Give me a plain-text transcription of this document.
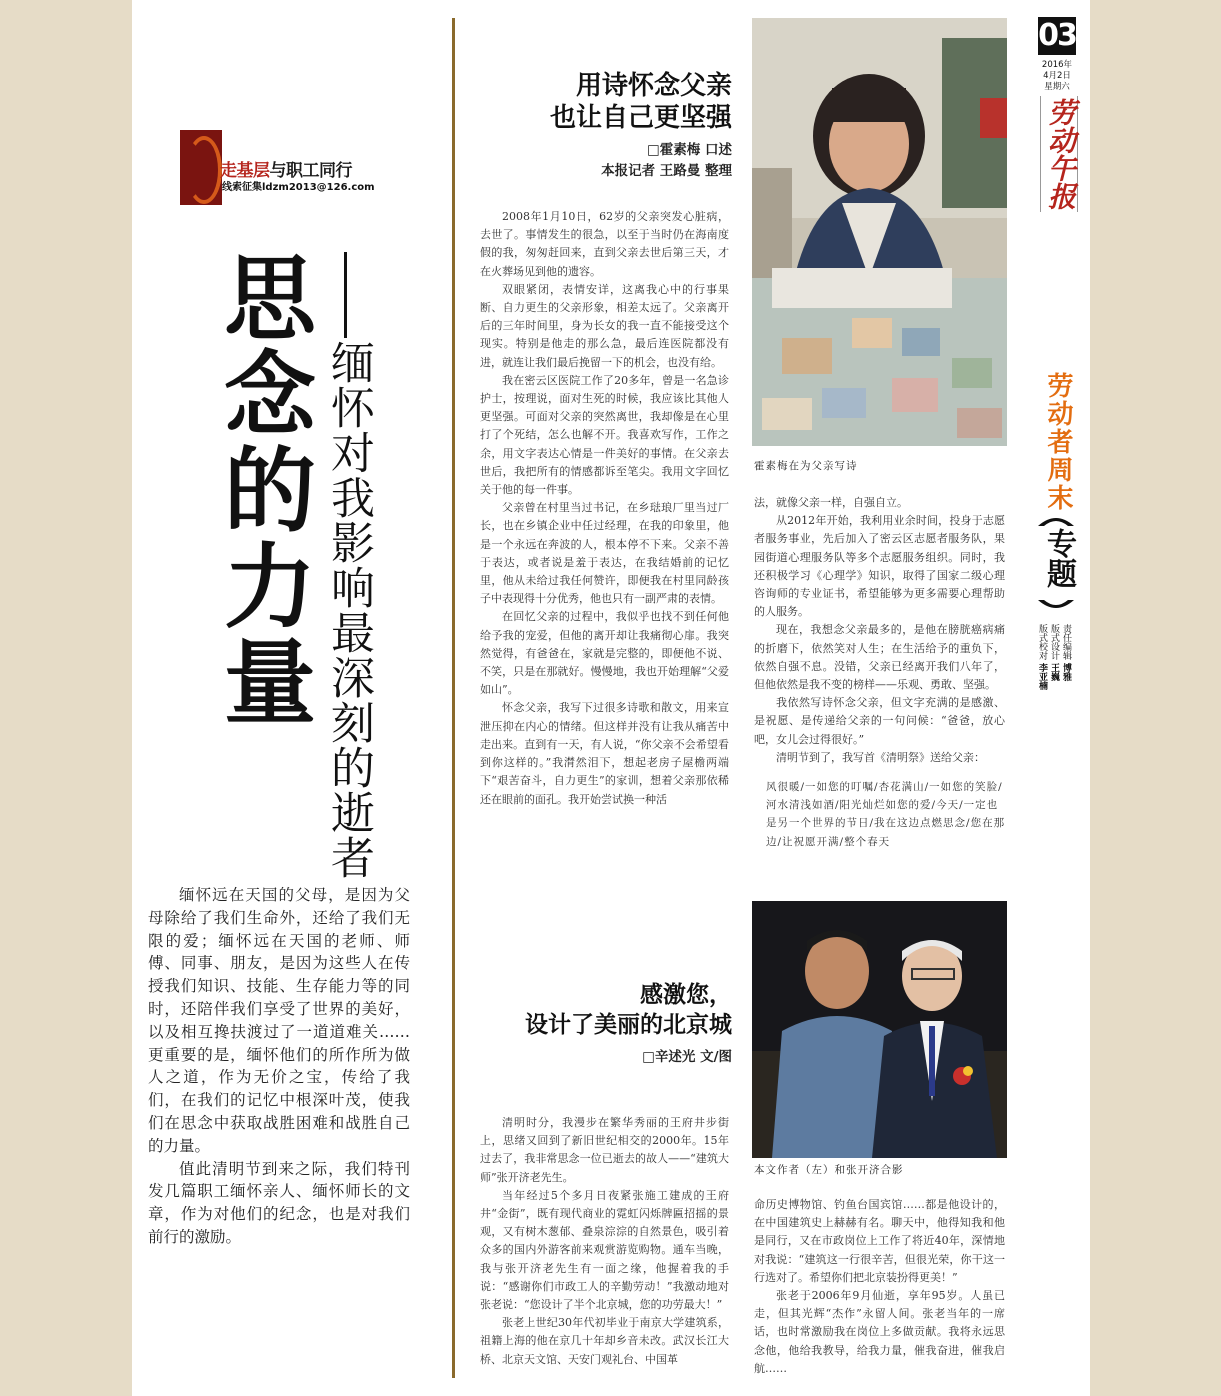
走基层与职工同行
线索征集ldzm2013@126.com
思念的力量 缅怀对我影响最深刻的逝者

缅怀远在天国的父母，是因为父母除给了我们生命外，还给了我们无限的爱；缅怀远在天国的老师、师傅、同事、朋友，是因为这些人在传授我们知识、技能、生存能力等的同时，还陪伴我们享受了世界的美好，以及相互搀扶渡过了一道道难关……更重要的是，缅怀他们的所作所为做人之道，作为无价之宝，传给了我们，在我们的记忆中根深叶茂，使我们在思念中获取战胜困难和战胜自己的力量。

值此清明节到来之际，我们特刊发几篇职工缅怀亲人、缅怀师长的文章，作为对他们的纪念，也是对我们前行的激励。

用诗怀念父亲
也让自己更坚强
□霍素梅 口述
本报记者 王路曼 整理

2008年1月10日，62岁的父亲突发心脏病，去世了。事情发生的很急，以至于当时仍在海南度假的我，匆匆赶回来，直到父亲去世后第三天，才在火葬场见到他的遗容。

双眼紧闭，表情安详，这离我心中的行事果断、自力更生的父亲形象，相差太远了。父亲离开后的三年时间里，身为长女的我一直不能接受这个现实。特别是他走的那么急，最后连医院都没有进，就连让我们最后挽留一下的机会，也没有给。

我在密云区医院工作了20多年，曾是一名急诊护士，按理说，面对生死的时候，我应该比其他人更坚强。可面对父亲的突然离世，我却像是在心里打了个死结，怎么也解不开。我喜欢写作，工作之余，用文字表达心情是一件美好的事情。在父亲去世后，我把所有的情感都诉至笔尖。我用文字回忆关于他的每一件事。

父亲曾在村里当过书记，在乡琺琅厂里当过厂长，也在乡镇企业中任过经理，在我的印象里，他是一个永远在奔波的人，根本停不下来。父亲不善于表达，或者说是羞于表达，在我结婚前的记忆里，他从未给过我任何赞许，即便我在村里同龄孩子中表现得十分优秀，他也只有一副严肃的表情。

在回忆父亲的过程中，我似乎也找不到任何他给予我的宠爱，但他的离开却让我痛彻心扉。我突然觉得，有爸爸在，家就是完整的，即便他不说、不笑，只是在那就好。慢慢地，我也开始理解“父爱如山”。

怀念父亲，我写下过很多诗歌和散文，用来宣泄压抑在内心的情绪。但这样并没有让我从痛苦中走出来。直到有一天，有人说，“你父亲不会希望看到你这样的。”我潸然泪下，想起老房子屋檐两端下“艰苦奋斗，自力更生”的家训，想着父亲那依稀还在眼前的面孔。我开始尝试换一种活

霍素梅在为父亲写诗

法，就像父亲一样，自强自立。

从2012年开始，我利用业余时间，投身于志愿者服务事业，先后加入了密云区志愿者服务队，果园街道心理服务队等多个志愿服务组织。同时，我还积极学习《心理学》知识，取得了国家二级心理咨询师的专业证书，希望能够为更多需要心理帮助的人服务。

现在，我想念父亲最多的，是他在膀胱癌病痛的折磨下，依然笑对人生；在生活给予的重负下，依然自强不息。没错，父亲已经离开我们八年了，但他依然是我不变的榜样——乐观、勇敢、坚强。

我依然写诗怀念父亲，但文字充满的是感激、是祝愿、是传递给父亲的一句问候：“爸爸，放心吧，女儿会过得很好。”

清明节到了，我写首《清明祭》送给父亲：

风很暖/一如您的叮嘱/杏花满山/一如您的笑脸/河水清浅如酒/阳光灿烂如您的爱/今天/一定也是另一个世界的节日/我在这边点燃思念/您在那边/让祝愿开满/整个春天
本文作者（左）和张开济合影
感激您，
设计了美丽的北京城
□辛述光 文/图

清明时分，我漫步在繁华秀丽的王府井步街上，思绪又回到了新旧世纪相交的2000年。15年过去了，我非常思念一位已逝去的故人——“建筑大师”张开济老先生。

当年经过5个多月日夜紧张施工建成的王府井“金街”，既有现代商业的霓虹闪烁牌匾招摇的景观，又有树木葱郁、叠泉淙淙的自然景色，吸引着众多的国内外游客前来观赏游览购物。通车当晚，我与张开济老先生有一面之缘，他握着我的手说：“感谢你们市政工人的辛勤劳动！”我激动地对张老说：“您设计了半个北京城，您的功劳最大！”

张老上世纪30年代初毕业于南京大学建筑系，祖籍上海的他在京几十年却乡音未改。武汉长江大桥、北京天文馆、天安门观礼台、中国革

命历史博物馆、钓鱼台国宾馆……都是他设计的，在中国建筑史上赫赫有名。聊天中，他得知我和他是同行，又在市政岗位上工作了将近40年，深情地对我说：“建筑这一行很辛苦，但很光荣，你干这一行选对了。希望你们把北京装扮得更美！”

张老于2006年9月仙逝，享年95岁。人虽已走，但其光辉“杰作”永留人间。张老当年的一席话，也时常激励我在岗位上多做贡献。我将永远思念他，他给我教导，给我力量，催我奋进，催我启航……

03
2016年
4月2日
星期六
劳动午报
劳动者周末
专题
责任编辑 博雅
版式设计 王巍
版式校对 李亚楠
